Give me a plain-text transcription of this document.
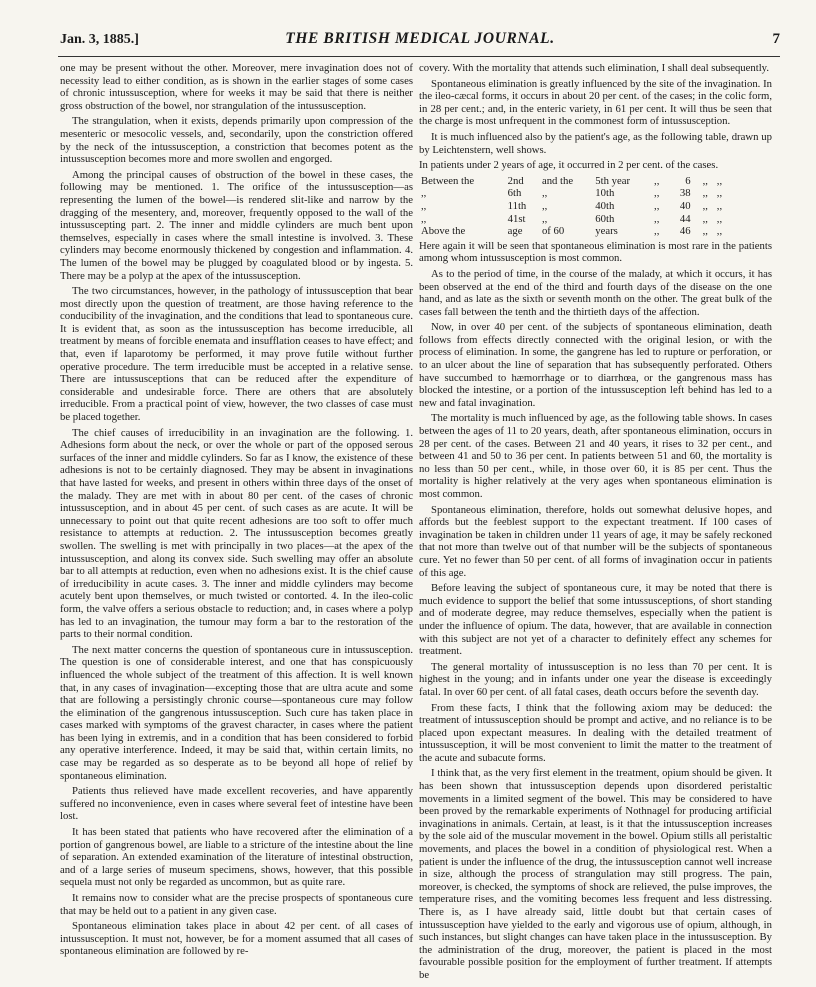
Jan. 3, 1885.]	THE BRITISH MEDICAL JOURNAL.	7

one may be present without the other. Moreover, mere invagination does not of necessity lead to either condition, as is shown in the earlier stages of some cases of chronic intussusception, where for weeks it may be said that there is neither gross obstruction of the bowel, nor strangulation of the intussusception.

The strangulation, when it exists, depends primarily upon compression of the mesenteric or mesocolic vessels, and, secondarily, upon the constriction offered by the neck of the intussusception, a constriction that becomes potent as the intussusception becomes more and more swollen and engorged.

Among the principal causes of obstruction of the bowel in these cases, the following may be mentioned. 1. The orifice of the intussusception—as representing the lumen of the bowel—is rendered slit-like and narrow by the dragging of the mesentery, and, moreover, frequently opposed to the wall of the intussuscepting part. 2. The inner and middle cylinders are much bent upon themselves, especially in cases where the small intestine is involved. 3. These cylinders may become enormously thickened by congestion and inflammation. 4. The lumen of the bowel may be plugged by coagulated blood or by ingesta. 5. There may be a polyp at the apex of the intussusception.

The two circumstances, however, in the pathology of intussusception that bear most directly upon the question of treatment, are those having reference to the conducibility of the invagination, and the conditions that lead to spontaneous cure. It is evident that, as soon as the intussusception has become irreducible, all treatment by means of forcible enemata and insufflation ceases to have effect; and that, even if laparotomy be performed, it may prove futile without further operative procedure. The term irreducible must be accepted in a relative sense. There are intussusceptions that can be reduced after the expenditure of considerable and undesirable force. There are others that are absolutely irreducible. From a practical point of view, however, the two classes of case must be placed together.

The chief causes of irreducibility in an invagination are the following. 1. Adhesions form about the neck, or over the whole or part of the opposed serous surfaces of the inner and middle cylinders. So far as I know, the existence of these adhesions is not to be certainly diagnosed. They may be absent in invaginations that have lasted for weeks, and present in others within three days of the onset of the malady. They are met with in about 80 per cent. of the cases of chronic intussusception, and in about 45 per cent. of such cases as are acute. It will be unnecessary to point out that quite recent adhesions are too soft to offer much resistance to attempts at reduction. 2. The intussusception becomes greatly swollen. The swelling is met with principally in two places—at the apex of the intussusception, and along its convex side. Such swelling may offer an absolute bar to all attempts at reduction, even when no adhesions exist. It is the chief cause of irreducibility in acute cases. 3. The inner and middle cylinders may become acutely bent upon themselves, or much twisted or contorted. 4. In the ileo-colic form, the valve offers a serious obstacle to reduction; and, in cases where a polyp has led to an invagination, the tumour may form a bar to the restoration of the parts to their normal condition.

The next matter concerns the question of spontaneous cure in intussusception. The question is one of considerable interest, and one that has conspicuously influenced the whole subject of the treatment of this affection. It is well known that, in any cases of invagination—excepting those that are ultra acute and some that are following a persistingly chronic course—spontaneous cure may follow the elimination of the gangrenous intussusception. Such cure has taken place in cases marked with symptoms of the gravest character, in cases where the patient has been lying in extremis, and in a condition that has been considered to forbid any operative interference. Indeed, it may be said that, within certain limits, no case may be regarded as so desperate as to be beyond all hope of relief by spontaneous elimination.

Patients thus relieved have made excellent recoveries, and have apparently suffered no inconvenience, even in cases where several feet of intestine have been lost.

It has been stated that patients who have recovered after the elimination of a portion of gangrenous bowel, are liable to a stricture of the intestine about the line of separation. An extended examination of the literature of intestinal obstruction, and of a large series of museum specimens, shows, however, that this possible sequela must not only be regarded as uncommon, but as quite rare.

It remains now to consider what are the precise prospects of spontaneous cure that may be held out to a patient in any given case.

Spontaneous elimination takes place in about 42 per cent. of all cases of intussusception. It must not, however, be for a moment assumed that all cases of spontaneous elimination are followed by re-

covery. With the mortality that attends such elimination, I shall deal subsequently.

Spontaneous elimination is greatly influenced by the site of the invagination. In the ileo-cæcal forms, it occurs in about 20 per cent. of the cases; in the colic form, in 28 per cent.; and, in the enteric variety, in 61 per cent. It will thus be seen that the charge is most unfrequent in the commonest form of intussusception.

It is much influenced also by the patient's age, as the following table, drawn up by Leichtenstern, well shows.

In patients under 2 years of age, it occurred in 2 per cent. of the cases.

Between the	2nd	and the	5th year	,,	6	,,	,,
,,	6th	,,	10th	,,	38	,,	,,
,,	11th	,,	40th	,,	40	,,	,,
,,	41st	,,	60th	,,	44	,,	,,
Above the	age	of 60	years	,,	46	,,	,,

Here again it will be seen that spontaneous elimination is most rare in the patients among whom intussusception is most common.

As to the period of time, in the course of the malady, at which it occurs, it has been observed at the end of the third and fourth days of the disease on the one hand, and as late as the sixth or seventh month on the other. The great bulk of the cases fall between the tenth and the thirtieth days of the affection.

Now, in over 40 per cent. of the subjects of spontaneous elimination, death follows from effects directly connected with the original lesion, or with the process of elimination. In some, the gangrene has led to rupture or perforation, or to an ulcer about the line of separation that has subsequently perforated. Others have succumbed to hæmorrhage or to diarrhœa, or the gangrenous mass has blocked the intestine, or a portion of the intussusception left behind has led to a new and fatal invagination.

The mortality is much influenced by age, as the following table shows. In cases between the ages of 11 to 20 years, death, after spontaneous elimination, occurs in 28 per cent. of the cases. Between 21 and 40 years, it rises to 32 per cent., and between 41 and 50 to 36 per cent. In patients between 51 and 60, the mortality is no less than 50 per cent., while, in those over 60, it is 85 per cent. Thus the mortality is higher relatively at the very ages when spontaneous elimination is most common.

Spontaneous elimination, therefore, holds out somewhat delusive hopes, and affords but the feeblest support to the expectant treatment. If 100 cases of invagination be taken in children under 11 years of age, it may be safely reckoned that not more than twelve out of that number will be the subjects of spontaneous cure. Yet no fewer than 50 per cent. of all forms of invagination occur in patients of this age.

Before leaving the subject of spontaneous cure, it may be noted that there is much evidence to support the belief that some intussusceptions, of short standing and of moderate degree, may reduce themselves, especially when the patient is under the influence of opium. The data, however, that are available in connection with this subject are not yet of a character to definitely effect any schemes for treatment.

The general mortality of intussusception is no less than 70 per cent. It is highest in the young; and in infants under one year the disease is exceedingly fatal. In over 60 per cent. of all fatal cases, death occurs before the seventh day.

From these facts, I think that the following axiom may be deduced: the treatment of intussusception should be prompt and active, and no reliance is to be placed upon expectant measures. In dealing with the detailed treatment of intussusception, it will be most convenient to limit the matter to the treatment of the acute and subacute forms.

I think that, as the very first element in the treatment, opium should be given. It has been shown that intussusception depends upon disordered peristaltic movements in a limited segment of the bowel. This may be considered to have been proved by the remarkable experiments of Nothnagel for producing artificial invaginations in animals. Certain, at least, is it that the intussusception increases by the sole aid of the muscular movement in the bowel. Opium stills all peristaltic movements, and places the bowel in a condition of physiological rest. When a patient is under the influence of the drug, the intussusception cannot well increase in size, although the process of strangulation may still progress. The pain, moreover, is checked, the symptoms of shock are relieved, the pulse improves, the temperature rises, and the vomiting becomes less frequent and less distressing. There is, as I have already said, little doubt but that certain cases of intussusception have yielded to the early and vigorous use of opium, although, in such instances, but slight changes can have taken place in the intussusception. By the administration of the drug, moreover, the patient is placed in the most favourable possible position for the employment of further treatment. If attempts be
